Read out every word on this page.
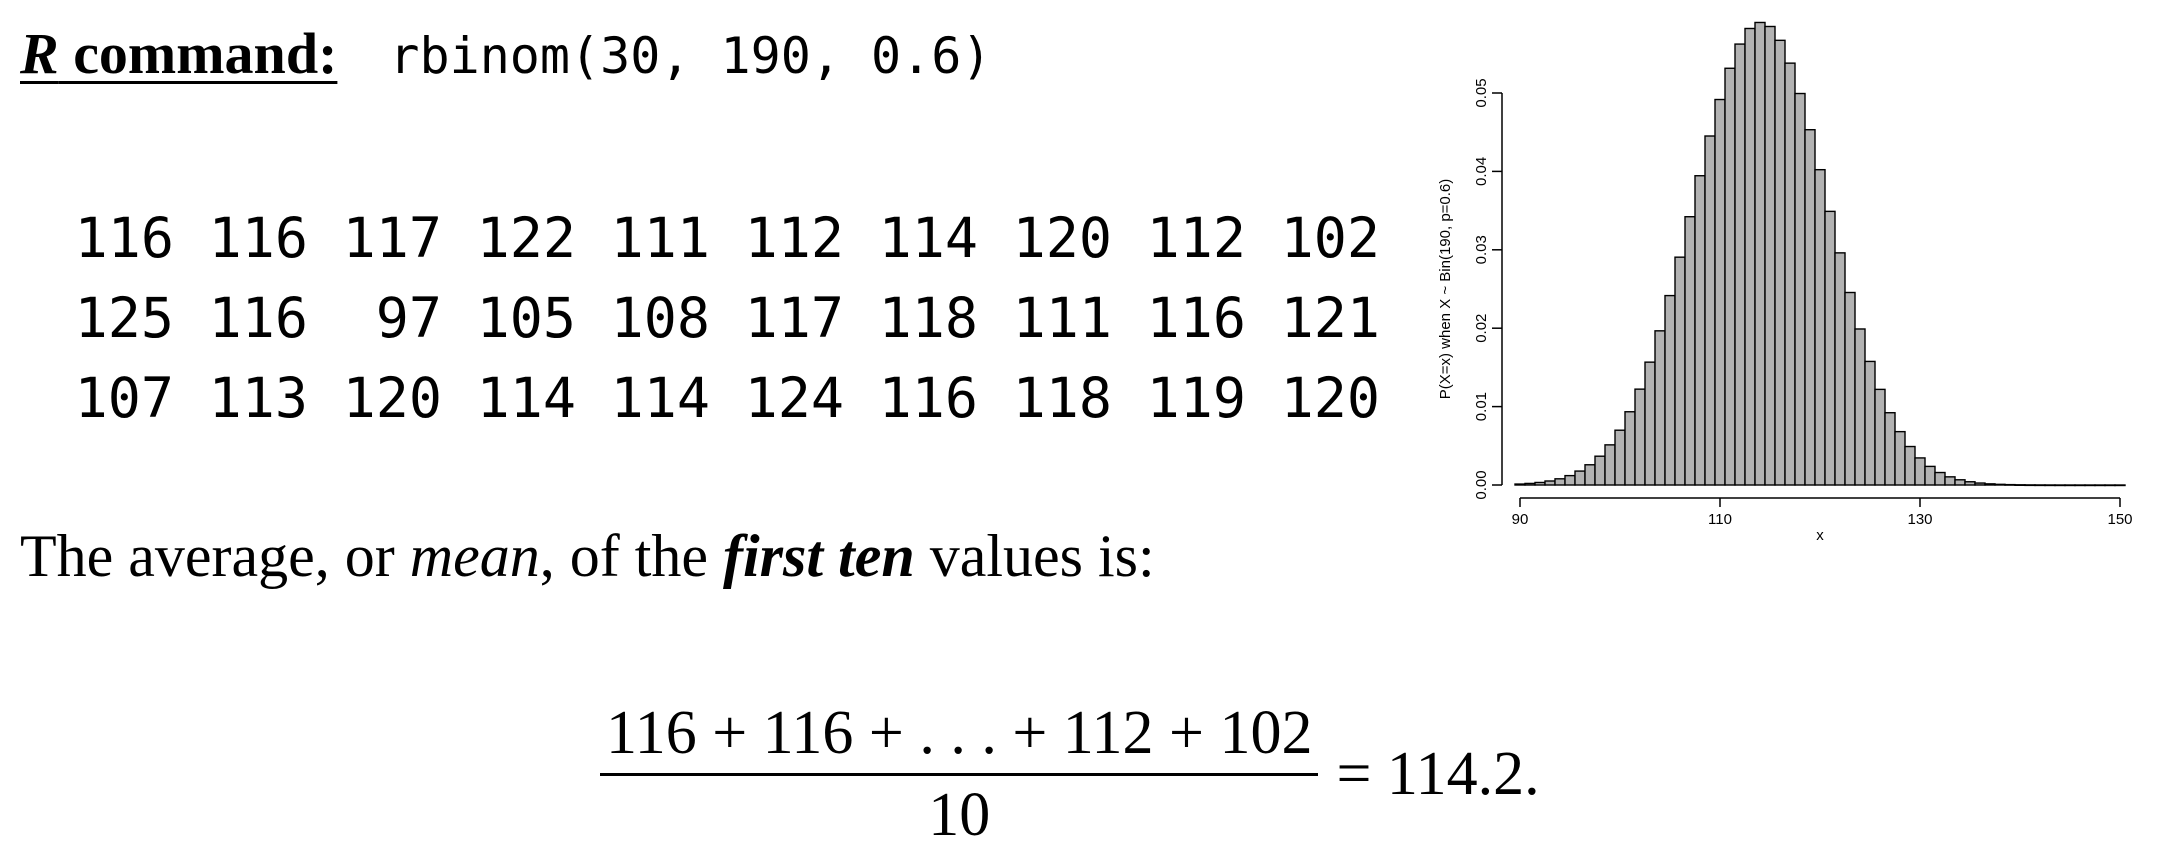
R command: rbinom(30, 190, 0.6)
116 116 117 122 111 112 114 120 112 102
125 116	97 105 108 117 118 111 116 121
107 113 120 114 114 124 116 118 119 120
The average, or mean, of the first ten values is:
$\frac{116 + 116 + . . . + 112 + 102}{10} = 114.2$.
0.00
0.01
0.02
0.03
0.04
0.05
90	110	130	150
P(X=x) when X ~ Bin(190, p=0.6)
x
